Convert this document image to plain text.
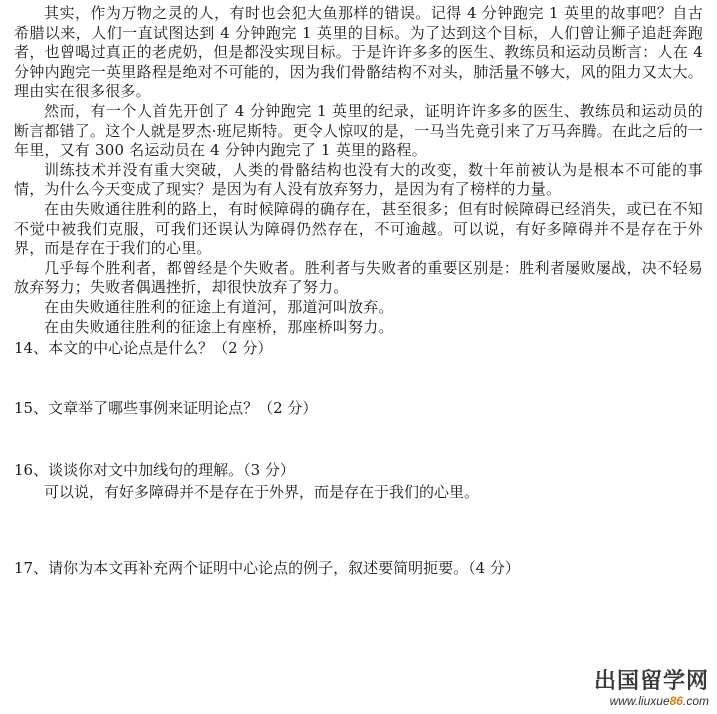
其实，作为万物之灵的人，有时也会犯大鱼那样的错误。记得 4 分钟跑完 1 英里的故事吧？自古希腊以来，人们一直试图达到 4 分钟跑完 1 英里的目标。为了达到这个目标，人们曾让狮子追赶奔跑者，也曾喝过真正的老虎奶，但是都没实现目标。于是许许多多的医生、教练员和运动员断言：人在 4 分钟内跑完一英里路程是绝对不可能的，因为我们骨骼结构不对头，肺活量不够大，风的阻力又太大。理由实在很多很多。

然而，有一个人首先开创了 4 分钟跑完 1 英里的纪录，证明许许多多的医生、教练员和运动员的断言都错了。这个人就是罗杰·班尼斯特。更令人惊叹的是，一马当先竟引来了万马奔腾。在此之后的一年里，又有 300 名运动员在 4 分钟内跑完了 1 英里的路程。

训练技术并没有重大突破，人类的骨骼结构也没有大的改变，数十年前被认为是根本不可能的事情，为什么今天变成了现实？是因为有人没有放弃努力，是因为有了榜样的力量。

在由失败通往胜利的路上，有时候障碍的确存在，甚至很多；但有时候障碍已经消失，或已在不知不觉中被我们克服，可我们还误认为障碍仍然存在，不可逾越。可以说，有好多障碍并不是存在于外界，而是存在于我们的心里。

几乎每个胜利者，都曾经是个失败者。胜利者与失败者的重要区别是：胜利者屡败屡战，决不轻易放弃努力；失败者偶遇挫折，却很快放弃了努力。

在由失败通往胜利的征途上有道河，那道河叫放弃。

在由失败通往胜利的征途上有座桥，那座桥叫努力。

14、本文的中心论点是什么？（2 分）
15、文章举了哪些事例来证明论点？（2 分）
16、谈谈你对文中加线句的理解。（3 分）
可以说，有好多障碍并不是存在于外界，而是存在于我们的心里。
17、请你为本文再补充两个证明中心论点的例子，叙述要简明扼要。（4 分）
出国留学网
www.liuxue86.com
